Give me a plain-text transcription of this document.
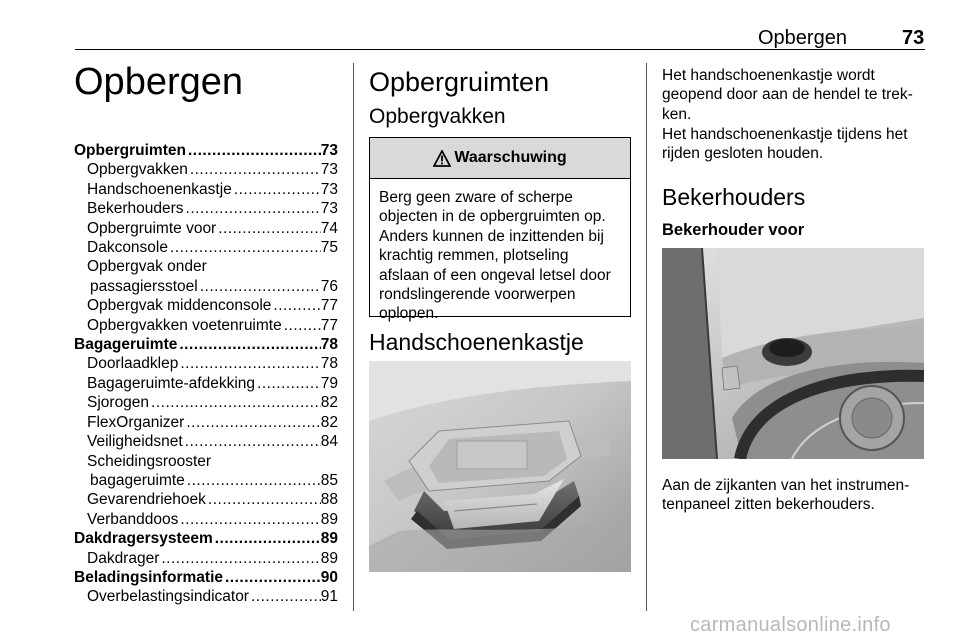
Opbergen	73
Opbergen
Opbergruimten .....	73
Opbergvakken .....	73
Handschoenenkastje .....	73
Bekerhouders .....	73
Opbergruimte voor .....	74
Dakconsole .....	75
Opbergvak onder
passagiersstoel .....	76
Opbergvak middenconsole .....	77
Opbergvakken voetenruimte .....	77
Bagageruimte .....	78
Doorlaadklep .....	78
Bagageruimte-afdekking .....	79
Sjorogen .....	82
FlexOrganizer .....	82
Veiligheidsnet .....	84
Scheidingsrooster
bagageruimte .....	85
Gevarendriehoek .....	88
Verbanddoos .....	89
Dakdragersysteem .....	89
Dakdrager .....	89
Beladingsinformatie .....	90
Overbelastingsindicator .....	91
Opbergruimten
Opbergvakken
Waarschuwing
Berg geen zware of scherpe
objecten in de opbergruimten op.
Anders kunnen de inzittenden bij
krachtig remmen, plotseling
afslaan of een ongeval letsel door
rondslingerende voorwerpen
oplopen.
Handschoenenkastje
Het handschoenenkastje wordt
geopend door aan de hendel te trek-
ken.
Het handschoenenkastje tijdens het
rijden gesloten houden.
Bekerhouders
Bekerhouder voor
Aan de zijkanten van het instrumen-
tenpaneel zitten bekerhouders.
carmanualsonline.info
